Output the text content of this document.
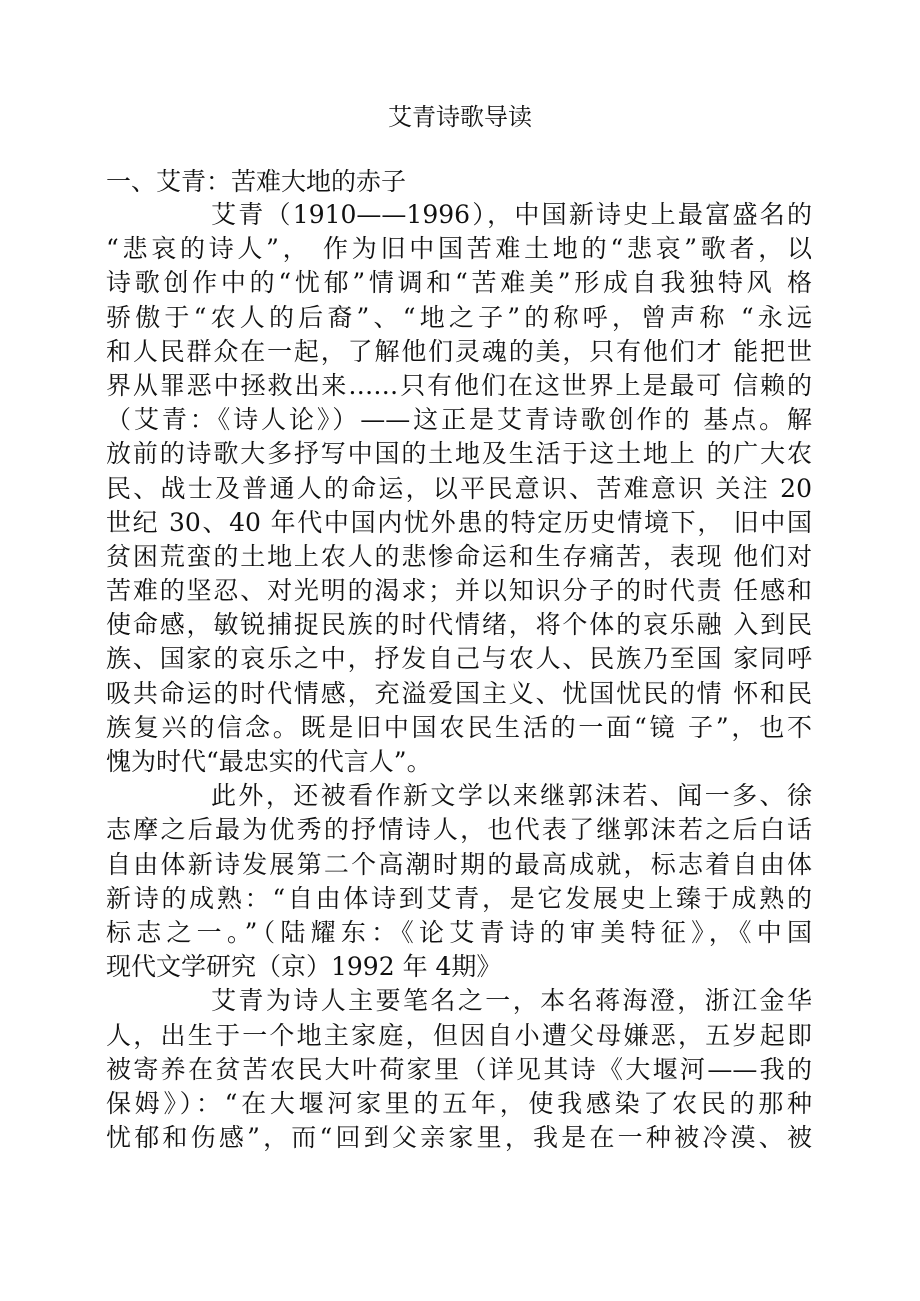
艾青诗歌导读
一、艾青：苦难大地的赤子
艾青（1910——1996），中国新诗史上最富盛名的
“悲哀的诗人”， 作为旧中国苦难土地的“悲哀”歌者，以
诗歌创作中的“忧郁”情调和“苦难美”形成自我独特风 格
骄傲于“农人的后裔”、“地之子”的称呼，曾声称 “永远
和人民群众在一起，了解他们灵魂的美，只有他们才 能把世
界从罪恶中拯救出来……只有他们在这世界上是最可 信赖的
（艾青：《诗人论》）——这正是艾青诗歌创作的 基点。解
放前的诗歌大多抒写中国的土地及生活于这土地上 的广大农
民、战士及普通人的命运，以平民意识、苦难意识 关注 20
世纪 30、40 年代中国内忧外患的特定历史情境下， 旧中国
贫困荒蛮的土地上农人的悲惨命运和生存痛苦，表现 他们对
苦难的坚忍、对光明的渴求；并以知识分子的时代责 任感和
使命感，敏锐捕捉民族的时代情绪，将个体的哀乐融 入到民
族、国家的哀乐之中，抒发自己与农人、民族乃至国 家同呼
吸共命运的时代情感，充溢爱国主义、忧国忧民的情 怀和民
族复兴的信念。既是旧中国农民生活的一面“镜 子”，也不
愧为时代“最忠实的代言人”。
此外，还被看作新文学以来继郭沫若、闻一多、徐
志摩之后最为优秀的抒情诗人，也代表了继郭沫若之后白话
自由体新诗发展第二个高潮时期的最高成就，标志着自由体
新诗的成熟：“自由体诗到艾青，是它发展史上臻于成熟的
标志之一。”（陆耀东：《论艾青诗的审美特征》，《中国
现代文学研究（京）1992 年 4期》
艾青为诗人主要笔名之一，本名蒋海澄，浙江金华
人，出生于一个地主家庭，但因自小遭父母嫌恶，五岁起即
被寄养在贫苦农民大叶荷家里（详见其诗《大堰河——我的
保姆》）：“在大堰河家里的五年，使我感染了农民的那种
忧郁和伤感”，而“回到父亲家里，我是在一种被冷漠、被
